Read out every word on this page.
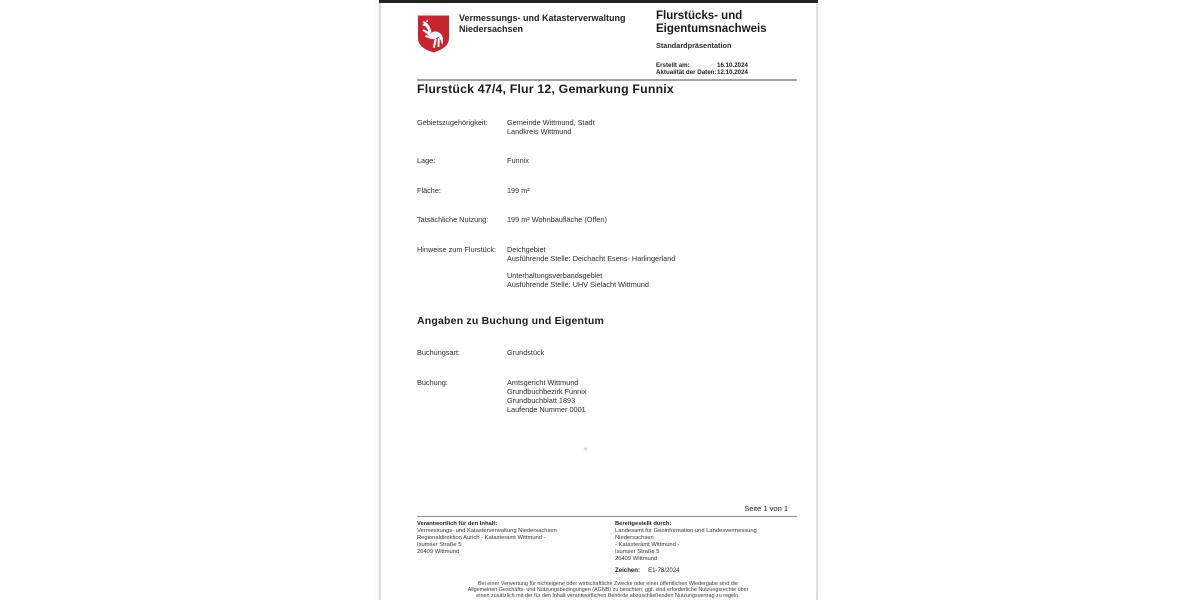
Vermessungs- und Katasterverwaltung
Niedersachsen
Flurstücks- und
Eigentumsnachweis
Standardpräsentation
Erstellt am:	16.10.2024
Aktualität der Daten: 12.10.2024
Flurstück 47/4, Flur 12, Gemarkung Funnix
Gebietszugehörigkeit:	Gemeinde Wittmund, Stadt
Landkreis Wittmund
Lage:	Funnix
Fläche:	199 m²
Tatsächliche Nutzung:	199 m² Wohnbaufläche (Offen)
Hinweise zum Flurstück:	Deichgebiet
Ausführende Stelle: Deichacht Esens- Harlingerland
Unterhaltungsverbandsgebiet
Ausführende Stelle: UHV Sielacht Wittmund
Angaben zu Buchung und Eigentum
Buchungsart:	Grundstück
Buchung:	Amtsgericht Wittmund
Grundbuchbezirk Funnix
Grundbuchblatt 1893
Laufende Nummer 0001
Seite 1 von 1
Verantwortlich für den Inhalt:
Vermessungs- und Katasterverwaltung Niedersachsen
Regionaldirektion Aurich - Katasteramt Wittmund -
Isumser Straße 5
26409 Wittmund
Bereitgestellt durch:
Landesamt für Geoinformation und Landesvermessung
Niedersachsen
- Katasteramt Wittmund -
Isumser Straße 5
26409 Wittmund
Zeichen: E1-78/2024
Bei einer Verwertung für nichteigene oder wirtschaftliche Zwecke oder einer öffentlichen Wiedergabe sind die
Allgemeinen Geschäfts- und Nutzungsbedingungen (AGNB) zu beachten; ggf. sind erforderliche Nutzungsrechte über
einen zusätzlich mit der für den Inhalt verantwortlichen Behörde abzuschließenden Nutzungsvertrag zu regeln.
